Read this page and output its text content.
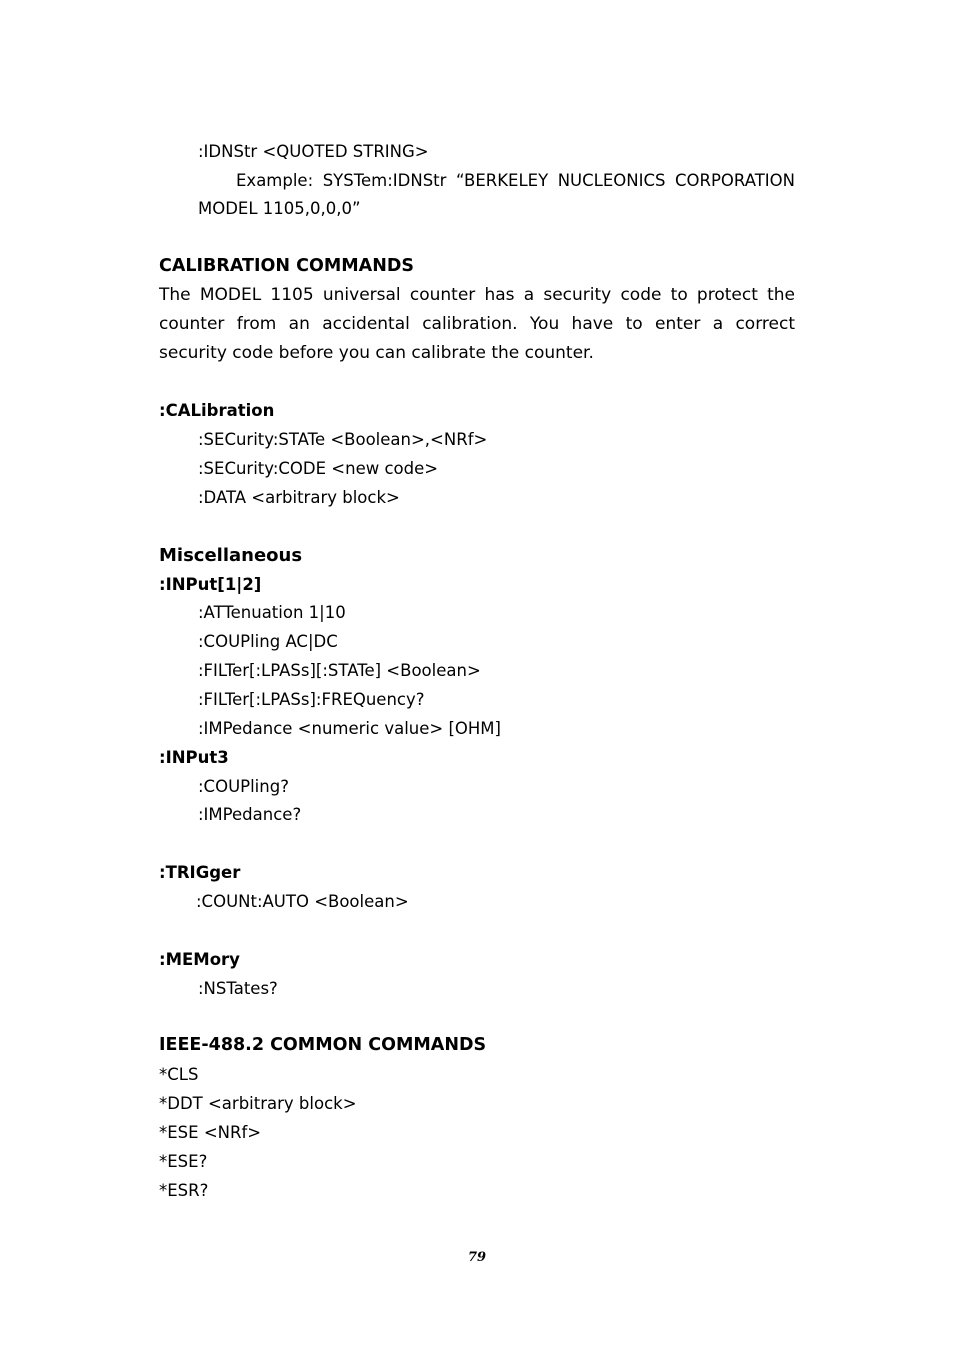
:IDNStr <QUOTED STRING>
Example: SYSTem:IDNStr “BERKELEY NUCLEONICS CORPORATION MODEL 1105,0,0,0”
CALIBRATION COMMANDS
The MODEL 1105 universal counter has a security code to protect the counter from an accidental calibration. You have to enter a correct security code before you can calibrate the counter.
:CALibration
:SECurity:STATe <Boolean>,<NRf>
:SECurity:CODE <new code>
:DATA <arbitrary block>
Miscellaneous
:INPut[1|2]
:ATTenuation 1|10
:COUPling AC|DC
:FILTer[:LPASs][:STATe] <Boolean>
:FILTer[:LPASs]:FREQuency?
:IMPedance <numeric value> [OHM]
:INPut3
:COUPling?
:IMPedance?
:TRIGger
:COUNt:AUTO <Boolean>
:MEMory
:NSTates?
IEEE-488.2 COMMON COMMANDS
*CLS
*DDT <arbitrary block>
*ESE <NRf>
*ESE?
*ESR?
79
